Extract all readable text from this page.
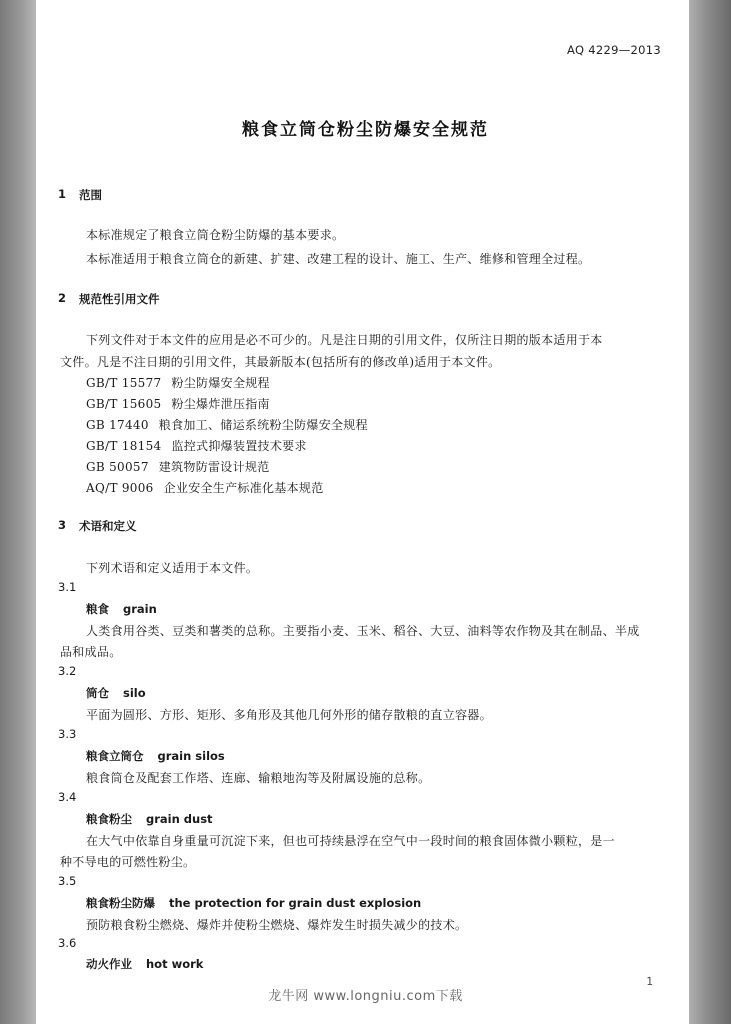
AQ 4229—2013
粮食立筒仓粉尘防爆安全规范
1 范围
本标准规定了粮食立筒仓粉尘防爆的基本要求。
本标准适用于粮食立筒仓的新建、扩建、改建工程的设计、施工、生产、维修和管理全过程。
2 规范性引用文件
下列文件对于本文件的应用是必不可少的。凡是注日期的引用文件，仅所注日期的版本适用于本
文件。凡是不注日期的引用文件，其最新版本(包括所有的修改单)适用于本文件。
GB/T 15577 粉尘防爆安全规程
GB/T 15605 粉尘爆炸泄压指南
GB 17440 粮食加工、储运系统粉尘防爆安全规程
GB/T 18154 监控式抑爆装置技术要求
GB 50057 建筑物防雷设计规范
AQ/T 9006 企业安全生产标准化基本规范
3 术语和定义
下列术语和定义适用于本文件。
3.1
粮食 grain
人类食用谷类、豆类和薯类的总称。主要指小麦、玉米、稻谷、大豆、油料等农作物及其在制品、半成
品和成品。
3.2
筒仓 silo
平面为圆形、方形、矩形、多角形及其他几何外形的储存散粮的直立容器。
3.3
粮食立筒仓 grain silos
粮食筒仓及配套工作塔、连廊、输粮地沟等及附属设施的总称。
3.4
粮食粉尘 grain dust
在大气中依靠自身重量可沉淀下来，但也可持续悬浮在空气中一段时间的粮食固体微小颗粒，是一
种不导电的可燃性粉尘。
3.5
粮食粉尘防爆 the protection for grain dust explosion
预防粮食粉尘燃烧、爆炸并使粉尘燃烧、爆炸发生时损失减少的技术。
3.6
动火作业 hot work
1
龙牛网 www.longniu.com下载
